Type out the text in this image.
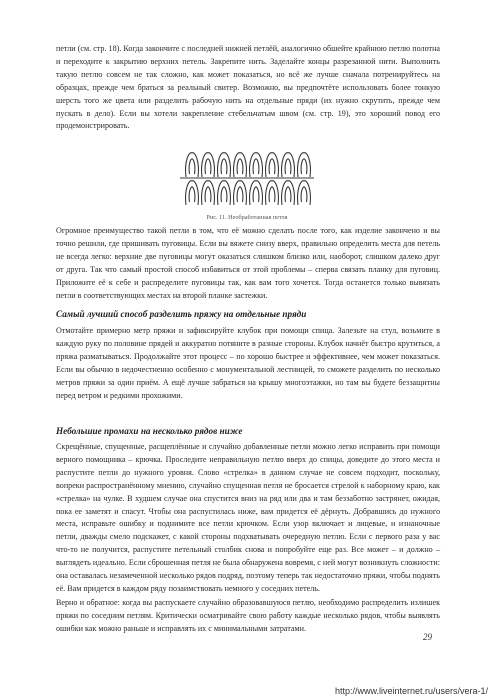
петли (см. стр. 18). Когда закончите с последней нижней петлёй, аналогично обшейте крайнюю петлю полотна и переходите к закрытию верхних петель. Закрепите нить. Заделайте концы разрезанной нити. Выполнить такую петлю совсем не так сложно, как может показаться, но всё же лучше сначала потренируйтесь на образцах, прежде чем браться за реальный свитер. Возможно, вы предпочтёте использовать более тонкую шерсть того же цвета или разделить рабочую нить на отдельные пряди (их нужно скрутить, прежде чем пускать в дело). Если вы хотели закрепление стебельчатым швом (см. стр. 19), это хороший повод его продемонстрировать.

Рис. 11. Необработанная петля

Огромное преимущество такой петли в том, что её можно сделать после того, как изделие закончено и вы точно решили, где пришивать пуговицы. Если вы вяжете снизу вверх, правильно определить места для петель не всегда легко: верхние две пуговицы могут оказаться слишком близко или, наоборот, слишком далеко друг от друга. Так что самый простой способ избавиться от этой проблемы – сперва связать планку для пуговиц. Приложите её к себе и распределите пуговицы так, как вам того хочется. Тогда останется только вывязать петли в соответствующих местах на второй планке застежки.

Самый лучший способ разделить пряжу на отдельные пряди

Отмотайте примерно метр пряжи и зафиксируйте клубок при помощи спица. Залезьте на стул, возьмите в каждую руку по половине прядей и аккуратно потяните в разные стороны. Клубок начнёт быстро крутиться, а пряжа разматываться. Продолжайте этот процесс – по хорошо быстрее и эффективнее, чем может показаться. Если вы обычно в недочестненно особенно с монументальной лестницей, то сможете разделить по несколько метров пряжи за один приём. А ещё лучше забраться на крышу многоэтажки, но там вы будете беззащитны перед ветром и редкими прохожими.

Небольшие промахи на несколько рядов ниже

Скрещённые, спущенные, расщеплённые и случайно добавленные петли можно легко исправить при помощи верного помощника – крючка. Проследите неправильную петлю вверх до спицы, доведите до этого места и распустите петли до нужного уровня. Слово «стрелка» в данном случае не совсем подходит, поскольку, вопреки распространённому мнению, случайно спущенная петля не бросается стрелой к наборному краю, как «стрелка» на чулке. В худшем случае она спустится вниз на ряд или два и там беззаботно застрянет, ожидая, пока ее заметят и спасут. Чтобы она распустилась ниже, вам придется её дёрнуть. Добравшись до нужного места, исправьте ошибку и поднимите все петли крючком. Если узор включает и лицевые, и изнаночные петли, дважды смело подскажет, с какой стороны подхватывать очередную петлю. Если с первого раза у вас что-то не получится, распустите петельный столбик снова и попробуйте еще раз. Все может – и должно – выглядеть идеально. Если сброшенная петля не была обнаружена вовремя, с ней могут возникнуть сложности: она оставалась незамеченной несколько рядов подряд, поэтому теперь так недостаточно пряжи, чтобы поднять её. Вам придется в каждом ряду позаимствовать немного у соседних петель.

Верно и обратное: когда вы распускаете случайно образовавшуюся петлю, необходимо распределить излишек пряжи по соседним петлям. Критически осматривайте свою работу каждые несколько рядов, чтобы выявлять ошибки как можно раньше и исправлять их с минимальными затратами.

29
http://www.liveinternet.ru/users/vera-1/
